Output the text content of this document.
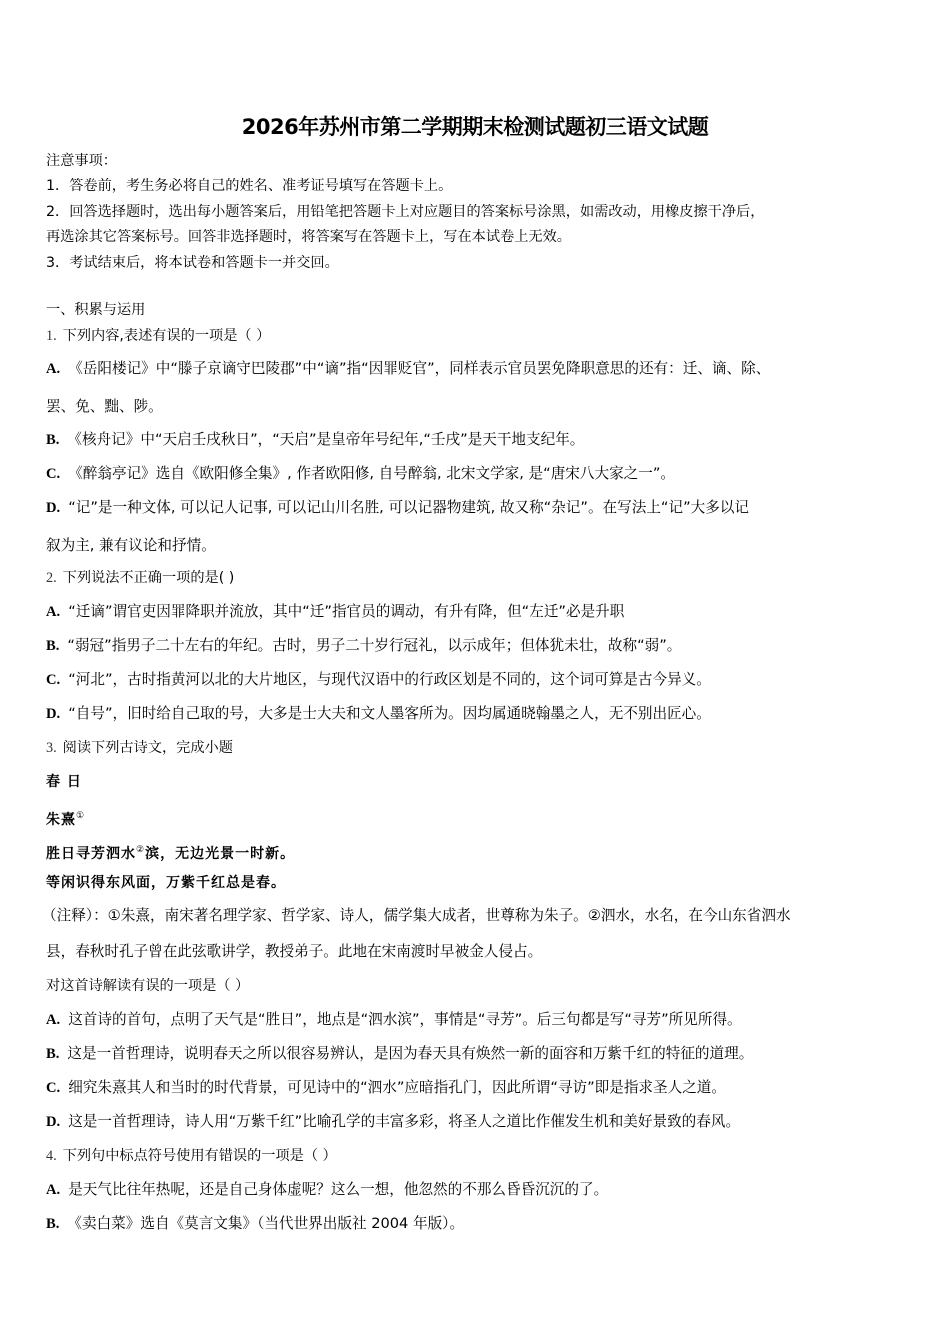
2026年苏州市第二学期期末检测试题初三语文试题
注意事项：
1．答卷前，考生务必将自己的姓名、准考证号填写在答题卡上。
2．回答选择题时，选出每小题答案后，用铅笔把答题卡上对应题目的答案标号涂黑，如需改动，用橡皮擦干净后，
再选涂其它答案标号。回答非选择题时，将答案写在答题卡上，写在本试卷上无效。
3．考试结束后，将本试卷和答题卡一并交回。
一、积累与运用
1. 下列内容,表述有误的一项是（ ）
A. 《岳阳楼记》中“滕子京谪守巴陵郡”中“谪”指“因罪贬官”，同样表示官员罢免降职意思的还有：迁、谪、除、
罢、免、黜、陟。
B. 《核舟记》中“天启壬戌秋日”，“天启”是皇帝年号纪年,“壬戌”是天干地支纪年。
C. 《醉翁亭记》选自《欧阳修全集》, 作者欧阳修, 自号醉翁, 北宋文学家, 是“唐宋八大家之一”。
D. “记”是一种文体, 可以记人记事, 可以记山川名胜, 可以记器物建筑, 故又称“杂记”。在写法上“记”大多以记
叙为主, 兼有议论和抒情。
2. 下列说法不正确一项的是( )
A. “迁谪”谓官吏因罪降职并流放，其中“迁”指官员的调动，有升有降，但“左迁”必是升职
B. “弱冠”指男子二十左右的年纪。古时，男子二十岁行冠礼，以示成年；但体犹未壮，故称“弱”。
C. “河北”，古时指黄河以北的大片地区，与现代汉语中的行政区划是不同的，这个词可算是古今异义。
D. “自号”，旧时给自己取的号，大多是士大夫和文人墨客所为。因均属通晓翰墨之人，无不别出匠心。
3. 阅读下列古诗文，完成小题
春 日
朱熹①
胜日寻芳泗水②滨，无边光景一时新。
等闲识得东风面，万紫千红总是春。
（注释）：①朱熹，南宋著名理学家、哲学家、诗人，儒学集大成者，世尊称为朱子。②泗水，水名，在今山东省泗水
县，春秋时孔子曾在此弦歌讲学，教授弟子。此地在宋南渡时早被金人侵占。
对这首诗解读有误的一项是（ ）
A. 这首诗的首句，点明了天气是“胜日”，地点是“泗水滨”，事情是“寻芳”。后三句都是写“寻芳”所见所得。
B. 这是一首哲理诗，说明春天之所以很容易辨认，是因为春天具有焕然一新的面容和万紫千红的特征的道理。
C. 细究朱熹其人和当时的时代背景，可见诗中的“泗水”应暗指孔门，因此所谓“寻访”即是指求圣人之道。
D. 这是一首哲理诗，诗人用“万紫千红”比喻孔学的丰富多彩，将圣人之道比作催发生机和美好景致的春风。
4. 下列句中标点符号使用有错误的一项是（ ）
A. 是天气比往年热呢，还是自己身体虚呢？这么一想，他忽然的不那么昏昏沉沉的了。
B. 《卖白菜》选自《莫言文集》（当代世界出版社 2004 年版）。
